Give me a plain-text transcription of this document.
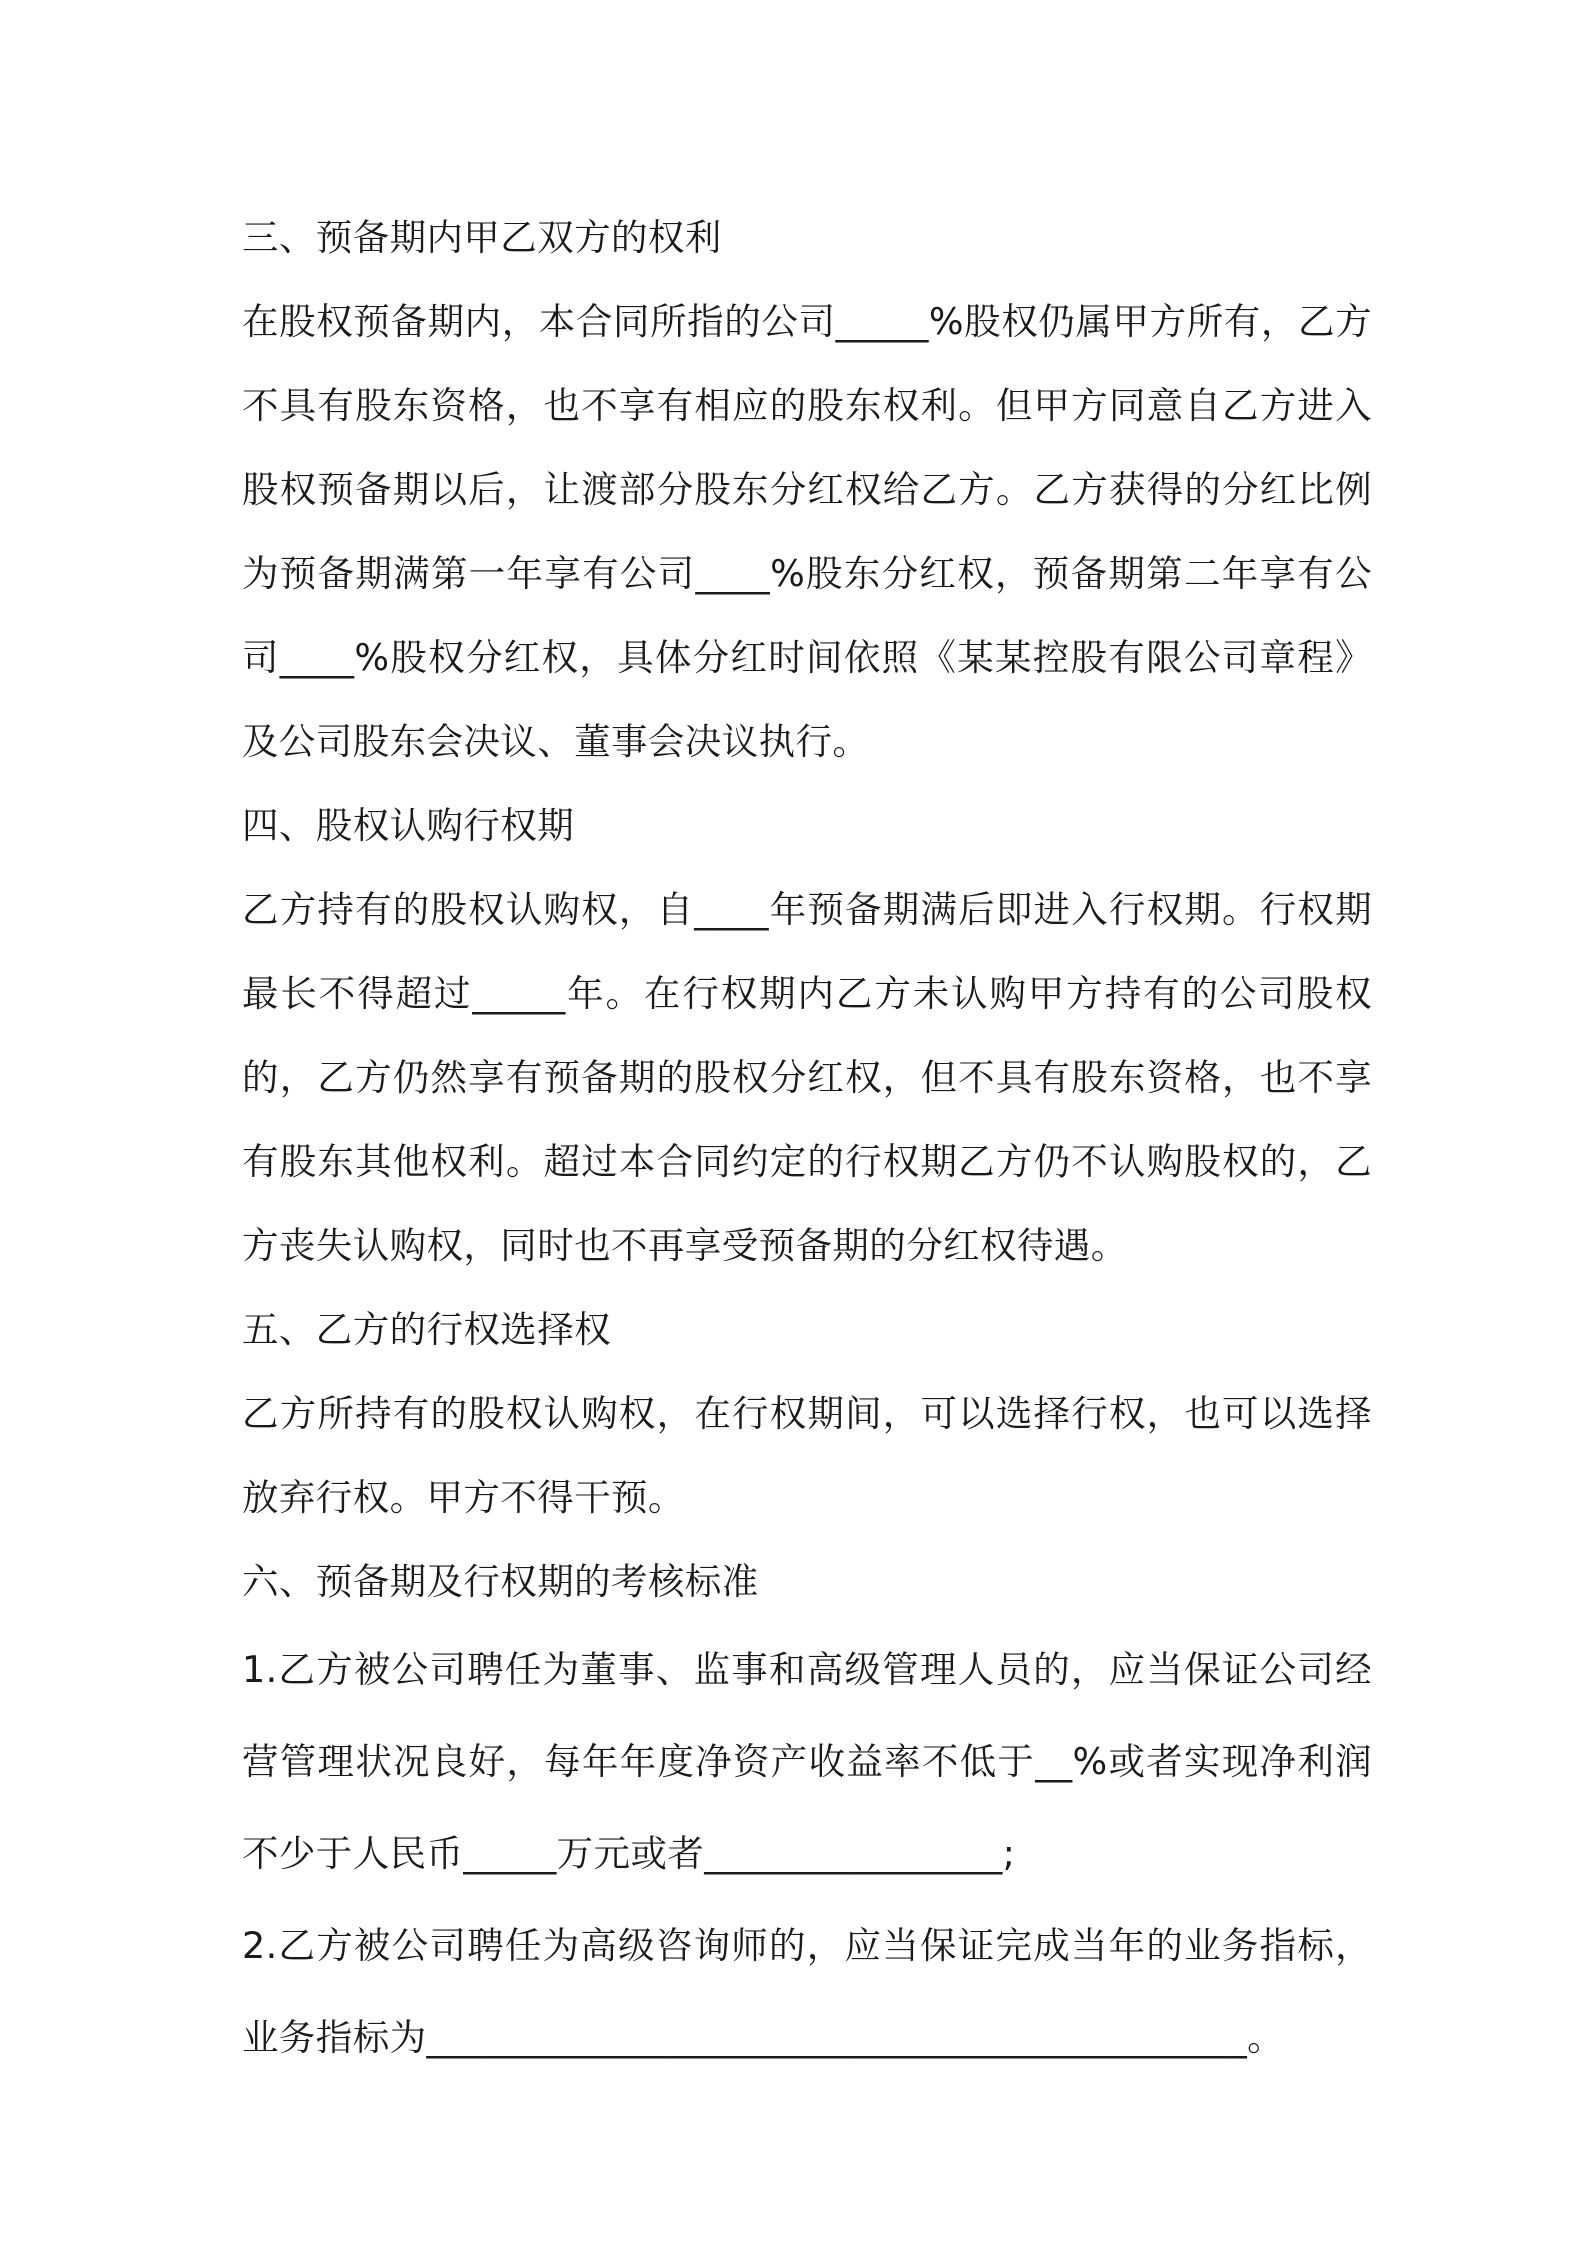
三、预备期内甲乙双方的权利

在股权预备期内，本合同所指的公司_____%股权仍属甲方所有，乙方不具有股东资格，也不享有相应的股东权利。但甲方同意自乙方进入股权预备期以后，让渡部分股东分红权给乙方。乙方获得的分红比例为预备期满第一年享有公司____%股东分红权，预备期第二年享有公司____%股权分红权，具体分红时间依照《某某控股有限公司章程》及公司股东会决议、董事会决议执行。

四、股权认购行权期

乙方持有的股权认购权，自____年预备期满后即进入行权期。行权期最长不得超过_____年。在行权期内乙方未认购甲方持有的公司股权的，乙方仍然享有预备期的股权分红权，但不具有股东资格，也不享有股东其他权利。超过本合同约定的行权期乙方仍不认购股权的，乙方丧失认购权，同时也不再享受预备期的分红权待遇。

五、乙方的行权选择权

乙方所持有的股权认购权，在行权期间，可以选择行权，也可以选择放弃行权。甲方不得干预。

六、预备期及行权期的考核标准

1.乙方被公司聘任为董事、监事和高级管理人员的，应当保证公司经营管理状况良好，每年年度净资产收益率不低于__%或者实现净利润不少于人民币_____万元或者________________;

2.乙方被公司聘任为高级咨询师的，应当保证完成当年的业务指标，业务指标为____________________________________________。
